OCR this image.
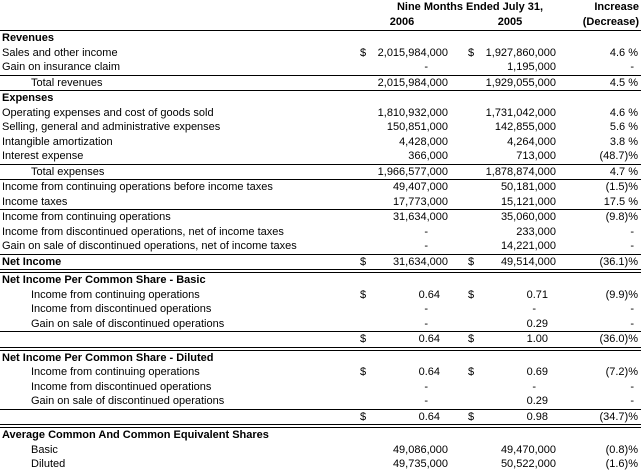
Nine Months Ended July 31,	Increase
2006	2005	(Decrease)
Revenues
Sales and other income	$	2,015,984,000	$	1,927,860,000	4.6 %
Gain on insurance claim	-	1,195,000	-
Total revenues	2,015,984,000	1,929,055,000	4.5 %
Expenses
Operating expenses and cost of goods sold	1,810,932,000	1,731,042,000	4.6 %
Selling, general and administrative expenses	150,851,000	142,855,000	5.6 %
Intangible amortization	4,428,000	4,264,000	3.8 %
Interest expense	366,000	713,000	(48.7)%
Total expenses	1,966,577,000	1,878,874,000	4.7 %
Income from continuing operations before income taxes	49,407,000	50,181,000	(1.5)%
Income taxes	17,773,000	15,121,000	17.5 %
Income from continuing operations	31,634,000	35,060,000	(9.8)%
Income from discontinued operations, net of income taxes	-	233,000	-
Gain on sale of discontinued operations, net of income taxes	-	14,221,000	-
Net Income	$	31,634,000	$	49,514,000	(36.1)%
Net Income Per Common Share - Basic
Income from continuing operations	$	0.64	$	0.71	(9.9)%
Income from discontinued operations	-	-	-
Gain on sale of discontinued operations	-	0.29	-
$	0.64	$	1.00	(36.0)%
Net Income Per Common Share - Diluted
Income from continuing operations	$	0.64	$	0.69	(7.2)%
Income from discontinued operations	-	-	-
Gain on sale of discontinued operations	-	0.29	-
$	0.64	$	0.98	(34.7)%
Average Common And Common Equivalent Shares
Basic	49,086,000	49,470,000	(0.8)%
Diluted	49,735,000	50,522,000	(1.6)%
